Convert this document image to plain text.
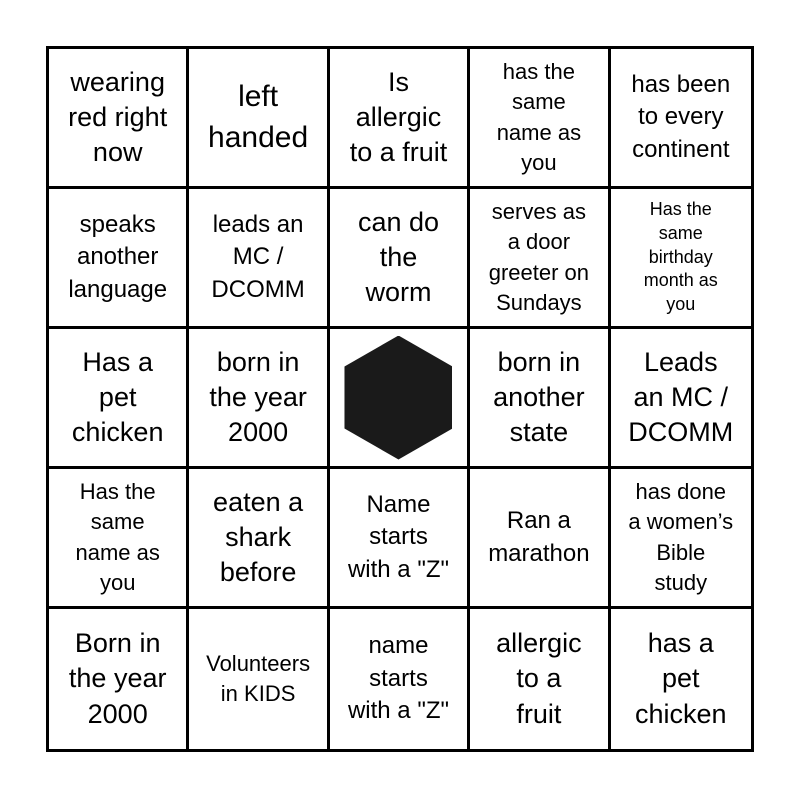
wearing
red right
now
left
handed
Is
allergic
to a fruit
has the
same
name as
you
has been
to every
continent
speaks
another
language
leads an
MC /
DCOMM
can do
the
worm
serves as
a door
greeter on
Sundays
Has the
same
birthday
month as
you
Has a
pet
chicken
born in
the year
2000
born in
another
state
Leads
an MC /
DCOMM
Has the
same
name as
you
eaten a
shark
before
Name
starts
with a "Z"
Ran a
marathon
has done
a women’s
Bible
study
Born in
the year
2000
Volunteers
in KIDS
name
starts
with a "Z"
allergic
to a
fruit
has a
pet
chicken
